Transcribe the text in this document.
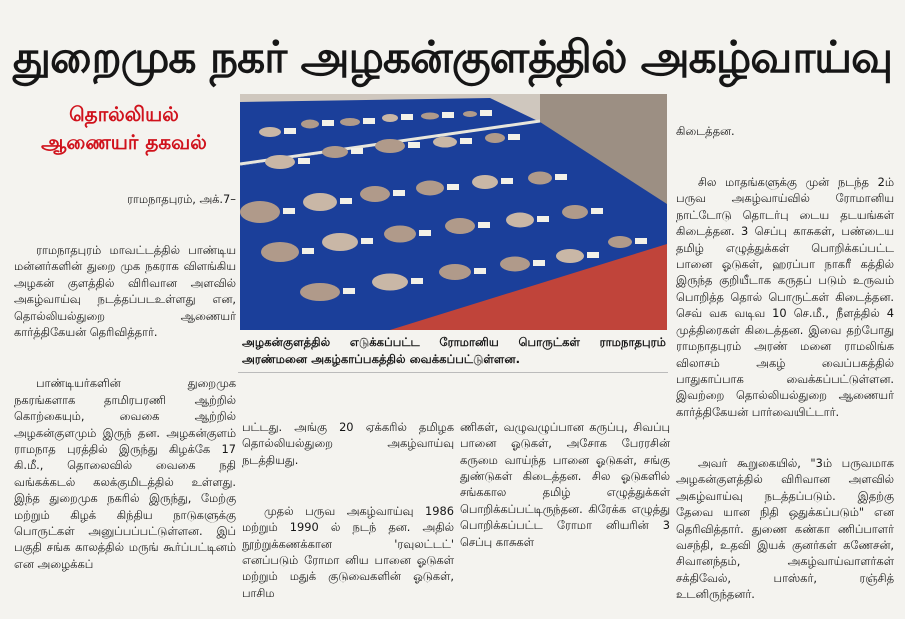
துறைமுக நகர் அழகன்குளத்தில் அகழ்வாய்வு
தொல்லியல்
ஆணையர் தகவல்

ராமநாதபுரம், அக்.7–

ராமநாதபுரம் மாவட்டத்தில் பாண்டிய மன்னர்களின் துறை முக நகராக விளங்கிய அழகன் குளத்தில் விரிவான அளவில் அகழ்வாய்வு நடத்தப்படஉள்ளது என, தொல்லியல்துறை ஆணையர் கார்த்திகேயன் தெரிவித்தார்.

பாண்டியர்களின் துறைமுக நகரங்களாக தாமிரபரணி ஆற்றில் கொற்கையும், வைகை ஆற்றில் அழகன்குளமும் இருந் தன. அழகன்குளம் ராமநாத புரத்தில் இருந்து கிழக்கே 17 கி.மீ., தொலைவில் வைகை நதி வங்கக்கடல் கலக்குமிடத்தில் உள்ளது. இந்த துறைமுக நகரில் இருந்து, மேற்கு மற்றும் கிழக் கிந்திய நாடுகளுக்கு பொருட்கள் அனுப்பப்பட்டுள்ளன. இப் பகுதி சங்க காலத்தில் மருங் கூர்ப்பட்டினம் என அழைக்கப்

அழகன்குளத்தில் எடுக்கப்பட்ட ரோமானிய பொருட்கள் ராமநாதபுரம் அரண்மனை அகழ்காப்பகத்தில் வைக்கப்பட்டுள்ளன.

பட்டது. அங்கு 20 ஏக்கரில் தமிழக தொல்லியல்துறை அகழ்வாய்வு நடத்தியது.

முதல் பருவ அகழ்வாய்வு 1986 மற்றும் 1990 ல் நடந் தன. அதில் நூற்றுக்கணக்கான 'ரவுலட்டட்' எனப்படும் ரோமா னிய பானை ஓடுகள் மற்றும் மதுக் குடுவைகளின் ஓடுகள், பாசிம

ணிகள், வழுவழுப்பான கருப்பு, சிவப்பு பானை ஓடுகள், அசோக பேரரசின் கருமை வாய்ந்த பானை ஓடுகள், சங்கு துண்டுகள் கிடைத்தன. சில ஓடுகளில் சங்ககால தமிழ் எழுத்துக்கள் பொறிக்கப்பட்டிருந்தன. கிரேக்க எழுத்து பொறிக்கப்பட்ட ரோமா னியரின் 3 செப்பு காசுகள்

கிடைத்தன.

சில மாதங்களுக்கு முன் நடந்த 2ம் பருவ அகழ்வாய்வில் ரோமானிய நாட்டோடு தொடர்பு டைய தடயங்கள் கிடைத்தன. 3 செப்பு காசுகள், பண்டைய தமிழ் எழுத்துக்கள் பொறிக்கப்பட்ட பானை ஓடுகள், ஹரப்பா நாகரீ கத்தில் இருந்த குறியீடாக கருதப் படும் உருவம் பொறித்த தொல் பொருட்கள் கிடைத்தன. செவ் வக வடிவ 10 செ.மீ., நீளத்தில் 4 முத்திரைகள் கிடைத்தன. இவை தற்போது ராமநாதபுரம் அரண் மனை ராமலிங்க விலாசம் அகழ் வைப்பகத்தில் பாதுகாப்பாக வைக்கப்பட்டுள்ளன. இவற்றை தொல்லியல்துறை ஆணையர் கார்த்திகேயன் பார்வையிட்டார்.

அவர் கூறுகையில், "3ம் பருவமாக அழகன்குளத்தில் விரிவான அளவில் அகழ்வாய்வு நடத்தப்படும். இதற்கு தேவை யான நிதி ஒதுக்கப்படும்" என தெரிவித்தார். துணை கண்கா ணிப்பாளர் வசந்தி, உதவி இயக் குனர்கள் கணேசன், சிவானந்தம், அகழ்வாய்வாளர்கள் சக்திவேல், பாஸ்கர், ரஞ்சித் உடனிருந்தனர்.
